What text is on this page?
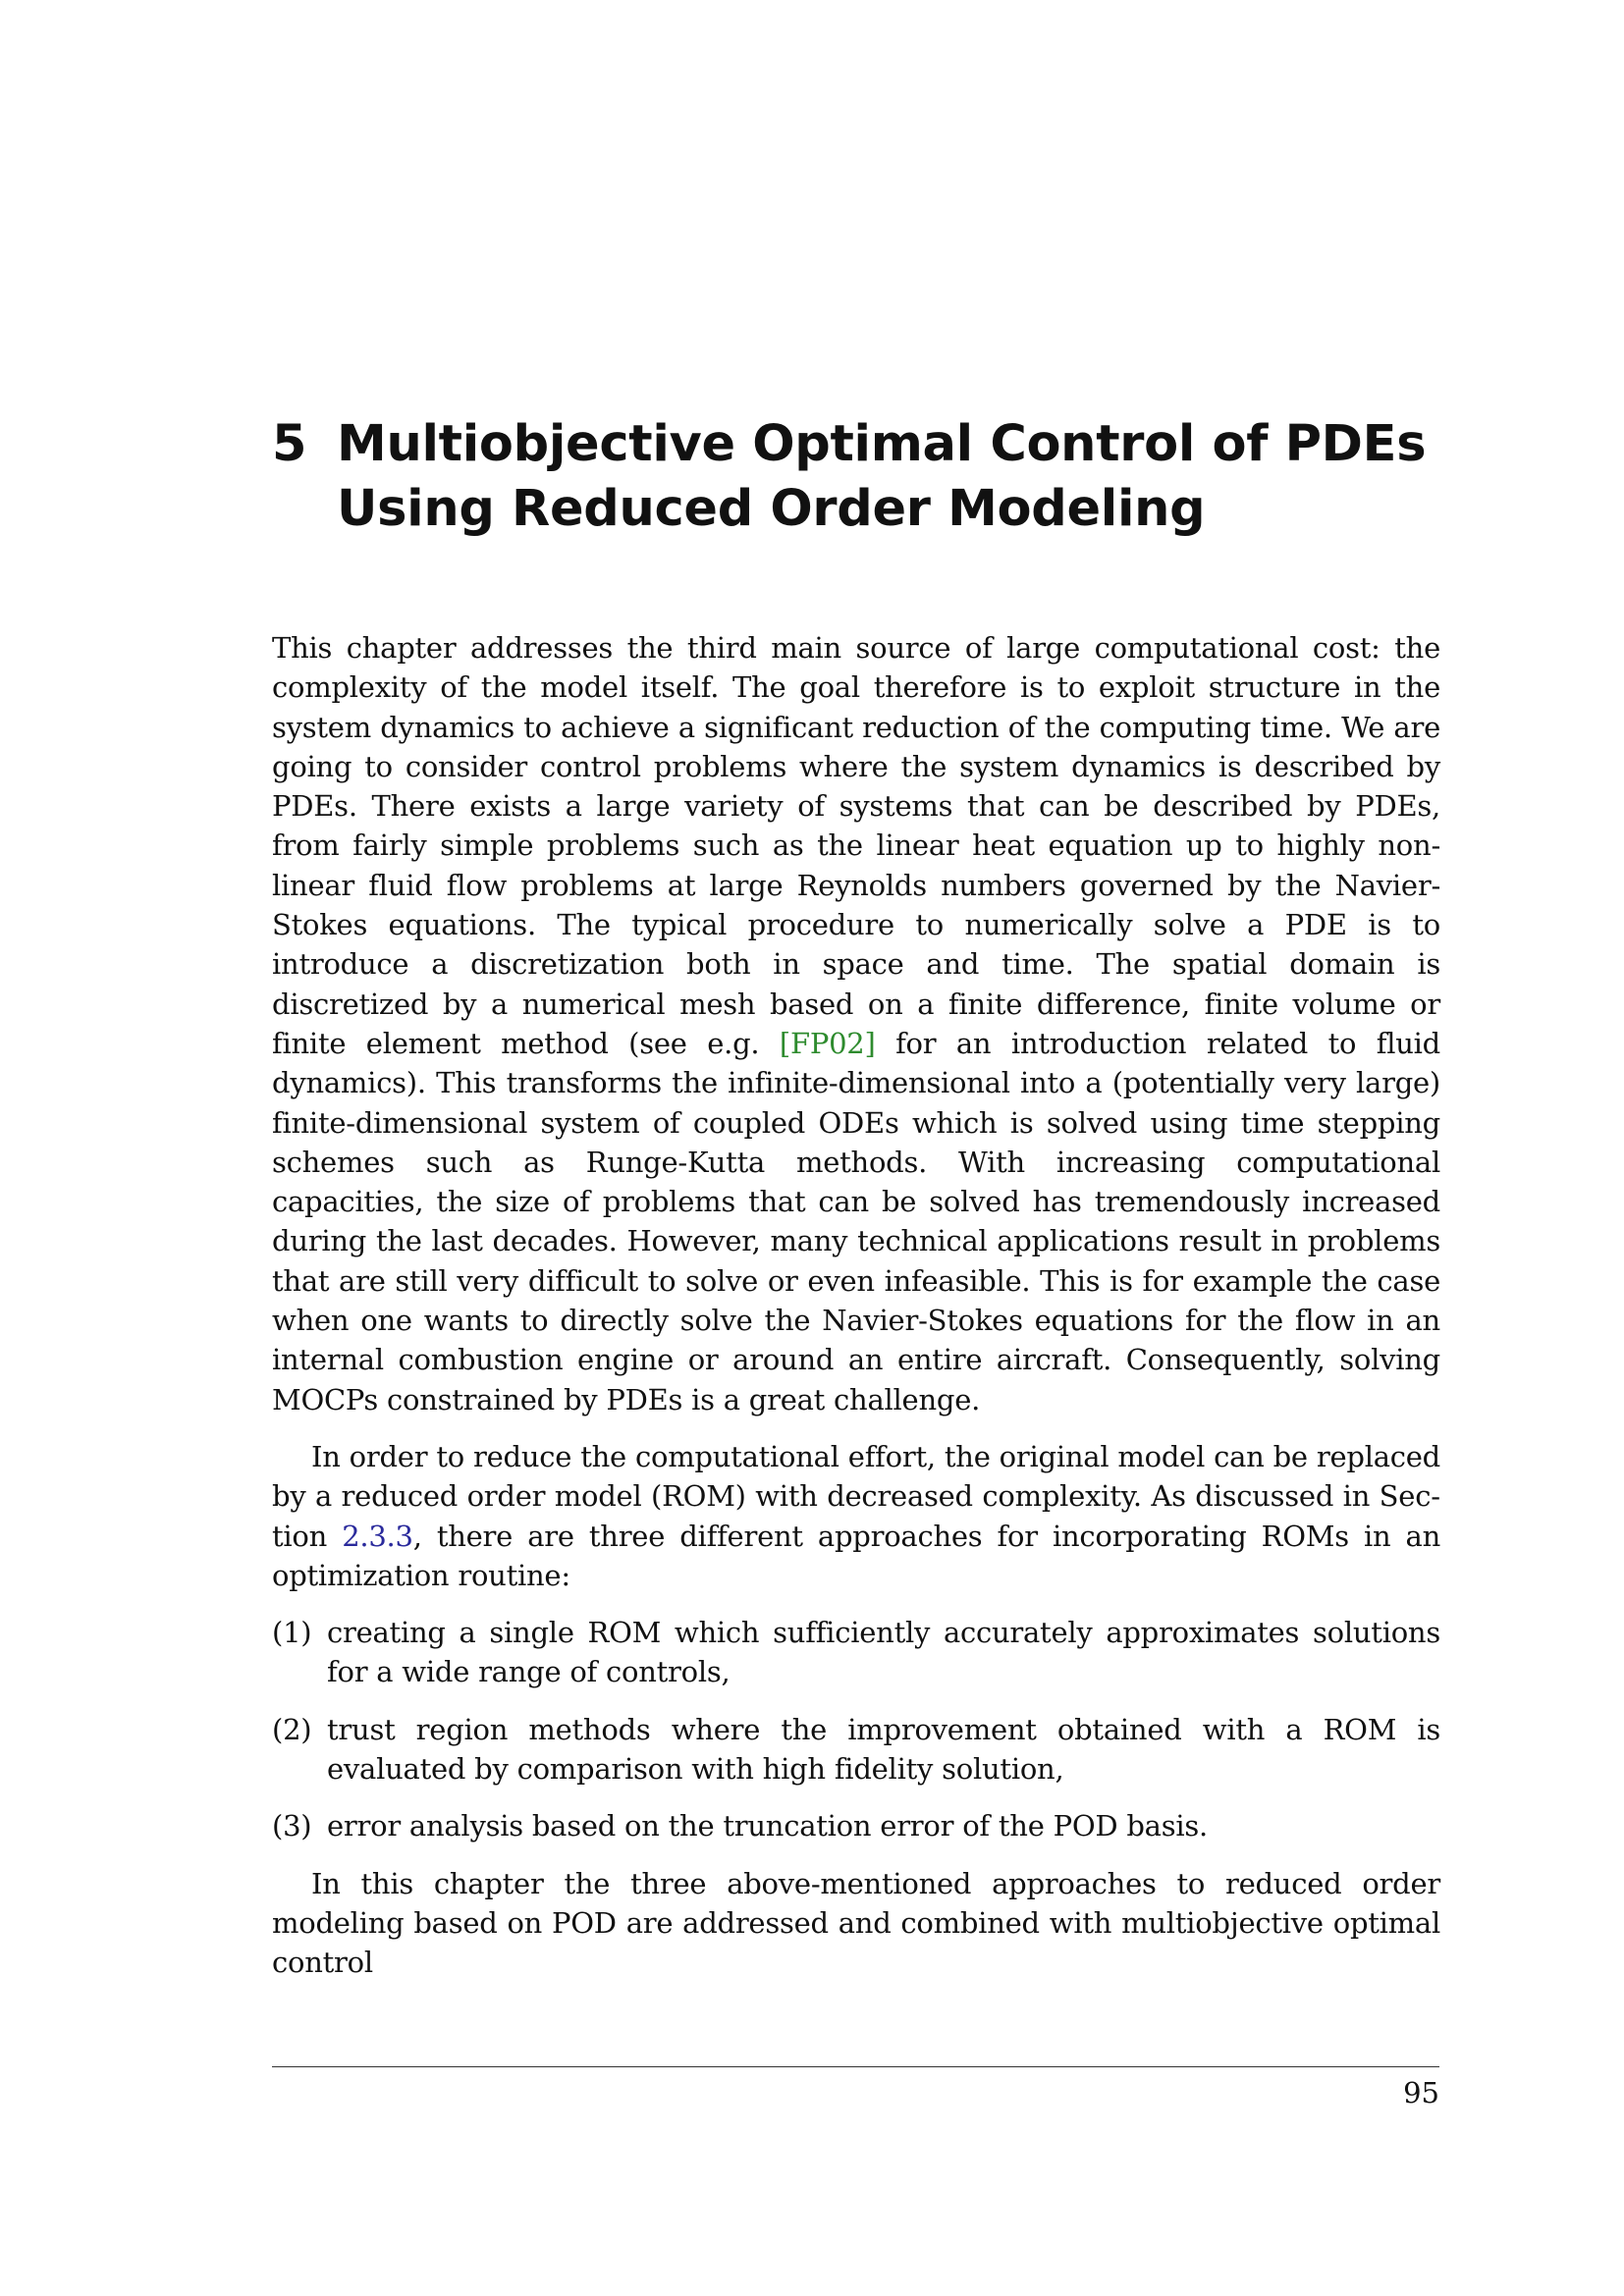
5 Multiobjective Optimal Control of PDEs
Using Reduced Order Modeling

This chapter addresses the third main source of large computational cost: the complexity of the model itself. The goal therefore is to exploit structure in the system dynamics to achieve a significant reduction of the computing time. We are going to consider control problems where the system dynamics is described by PDEs. There exists a large variety of systems that can be described by PDEs, from fairly simple problems such as the linear heat equation up to highly non-linear fluid flow problems at large Reynolds numbers governed by the Navier-Stokes equations. The typical procedure to numerically solve a PDE is to introduce a discretization both in space and time. The spatial domain is discretized by a numerical mesh based on a finite difference, finite volume or finite element method (see e.g. [FP02] for an introduction related to fluid dynamics). This transforms the infinite-dimensional into a (potentially very large) finite-dimensional system of coupled ODEs which is solved using time stepping schemes such as Runge-Kutta methods. With increasing computational capacities, the size of problems that can be solved has tremendously increased during the last decades. However, many technical applications result in problems that are still very difficult to solve or even infeasible. This is for example the case when one wants to directly solve the Navier-Stokes equations for the flow in an internal combustion engine or around an entire aircraft. Consequently, solving MOCPs constrained by PDEs is a great challenge.

In order to reduce the computational effort, the original model can be replaced by a reduced order model (ROM) with decreased complexity. As discussed in Section 2.3.3, there are three different approaches for incorporating ROMs in an optimization routine:

(1) creating a single ROM which sufficiently accurately approximates solutions for a wide range of controls,
(2) trust region methods where the improvement obtained with a ROM is evaluated by comparison with high fidelity solution,
(3) error analysis based on the truncation error of the POD basis.

In this chapter the three above-mentioned approaches to reduced order modeling based on POD are addressed and combined with multiobjective optimal control

95
